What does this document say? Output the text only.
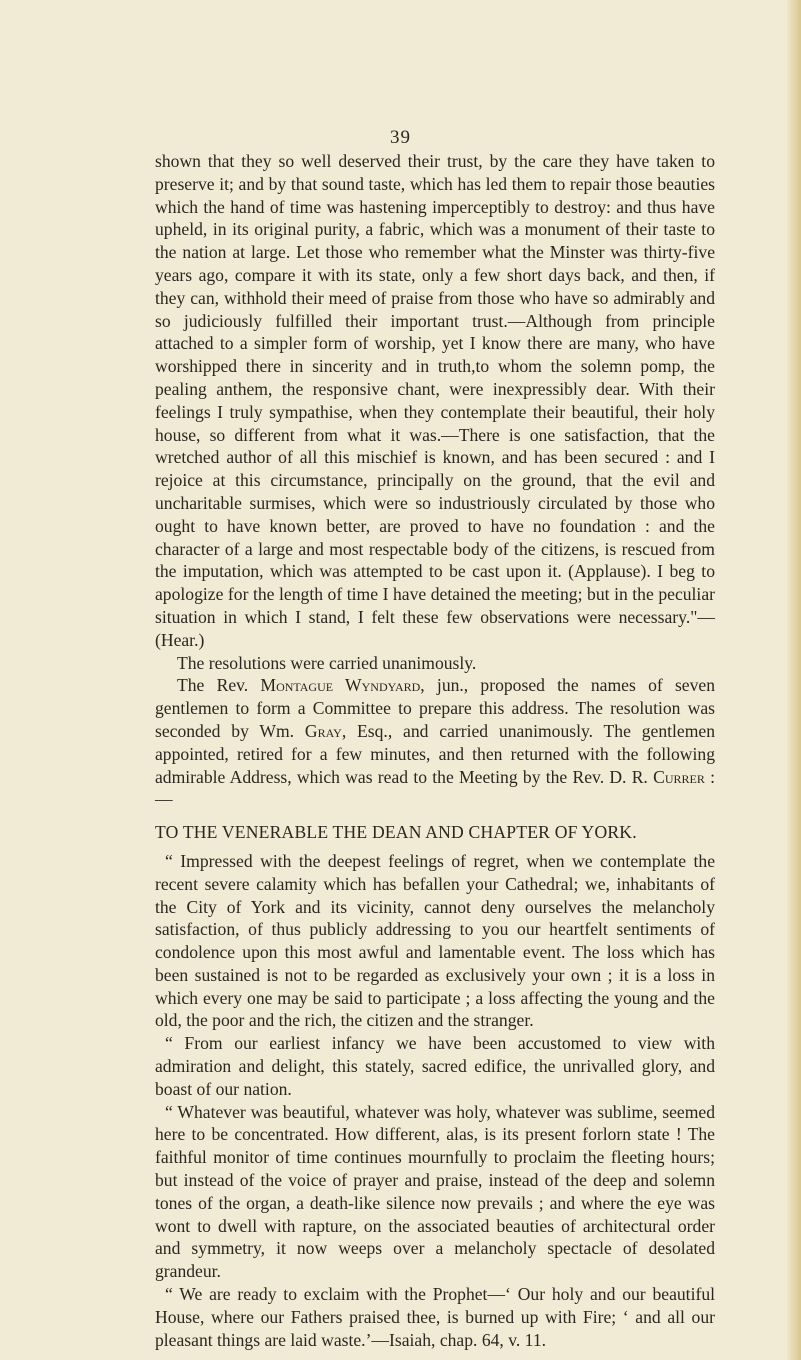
39

shown that they so well deserved their trust, by the care they have taken to preserve it; and by that sound taste, which has led them to repair those beauties which the hand of time was hastening imperceptibly to destroy: and thus have upheld, in its original purity, a fabric, which was a monument of their taste to the nation at large. Let those who remember what the Minster was thirty-five years ago, compare it with its state, only a few short days back, and then, if they can, withhold their meed of praise from those who have so admirably and so judiciously fulfilled their important trust.—Although from principle attached to a simpler form of worship, yet I know there are many, who have worshipped there in sincerity and in truth,to whom the solemn pomp, the pealing anthem, the responsive chant, were inexpressibly dear. With their feelings I truly sympathise, when they contemplate their beautiful, their holy house, so different from what it was.—There is one satisfaction, that the wretched author of all this mischief is known, and has been secured : and I rejoice at this circumstance, principally on the ground, that the evil and uncharitable surmises, which were so industriously circulated by those who ought to have known better, are proved to have no foundation : and the character of a large and most respectable body of the citizens, is rescued from the imputation, which was attempted to be cast upon it. (Applause). I beg to apologize for the length of time I have detained the meeting; but in the peculiar situation in which I stand, I felt these few observations were necessary."—(Hear.)

The resolutions were carried unanimously.

The Rev. Montague Wyndyard, jun., proposed the names of seven gentlemen to form a Committee to prepare this address. The resolution was seconded by Wm. Gray, Esq., and carried unanimously. The gentlemen appointed, retired for a few minutes, and then returned with the following admirable Address, which was read to the Meeting by the Rev. D. R. Currer :—

TO THE VENERABLE THE DEAN AND CHAPTER OF YORK.

“ Impressed with the deepest feelings of regret, when we contemplate the recent severe calamity which has befallen your Cathedral; we, inhabitants of the City of York and its vicinity, cannot deny ourselves the melancholy satisfaction, of thus publicly addressing to you our heartfelt sentiments of condolence upon this most awful and lamentable event. The loss which has been sustained is not to be regarded as exclusively your own ; it is a loss in which every one may be said to participate ; a loss affecting the young and the old, the poor and the rich, the citizen and the stranger.

“ From our earliest infancy we have been accustomed to view with admiration and delight, this stately, sacred edifice, the unrivalled glory, and boast of our nation.

“ Whatever was beautiful, whatever was holy, whatever was sublime, seemed here to be concentrated. How different, alas, is its present forlorn state ! The faithful monitor of time continues mournfully to proclaim the fleeting hours; but instead of the voice of prayer and praise, instead of the deep and solemn tones of the organ, a death-like silence now prevails ; and where the eye was wont to dwell with rapture, on the associated beauties of architectural order and symmetry, it now weeps over a melancholy spectacle of desolated grandeur.

“ We are ready to exclaim with the Prophet—‘ Our holy and our beautiful House, where our Fathers praised thee, is burned up with Fire; ‘ and all our pleasant things are laid waste.’—Isaiah, chap. 64, v. 11.
